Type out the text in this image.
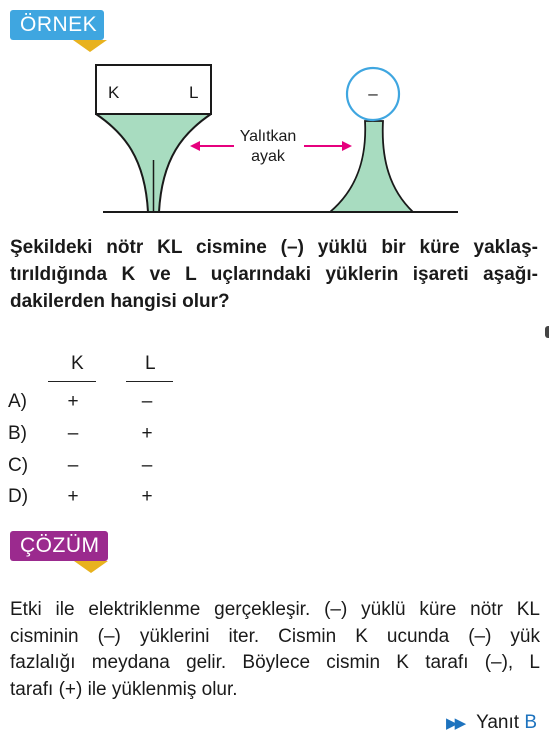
ÖRNEK
K	L	–
Yalıtkan
ayak
Şekildeki nötr KL cismine (–) yüklü bir küre yaklaş-
tırıldığında K ve L uçlarındaki yüklerin işareti aşağı-
dakilerden hangisi olur?
K	L
A) +	–
B) –	+
C) –	–
D) +	+
ÇÖZÜM
Etki ile elektriklenme gerçekleşir. (–) yüklü küre nötr KL
cisminin (–) yüklerini iter. Cismin K ucunda (–) yük
fazlalığı meydana gelir. Böylece cismin K tarafı (–), L
tarafı (+) ile yüklenmiş olur.
▶▶ Yanıt B
